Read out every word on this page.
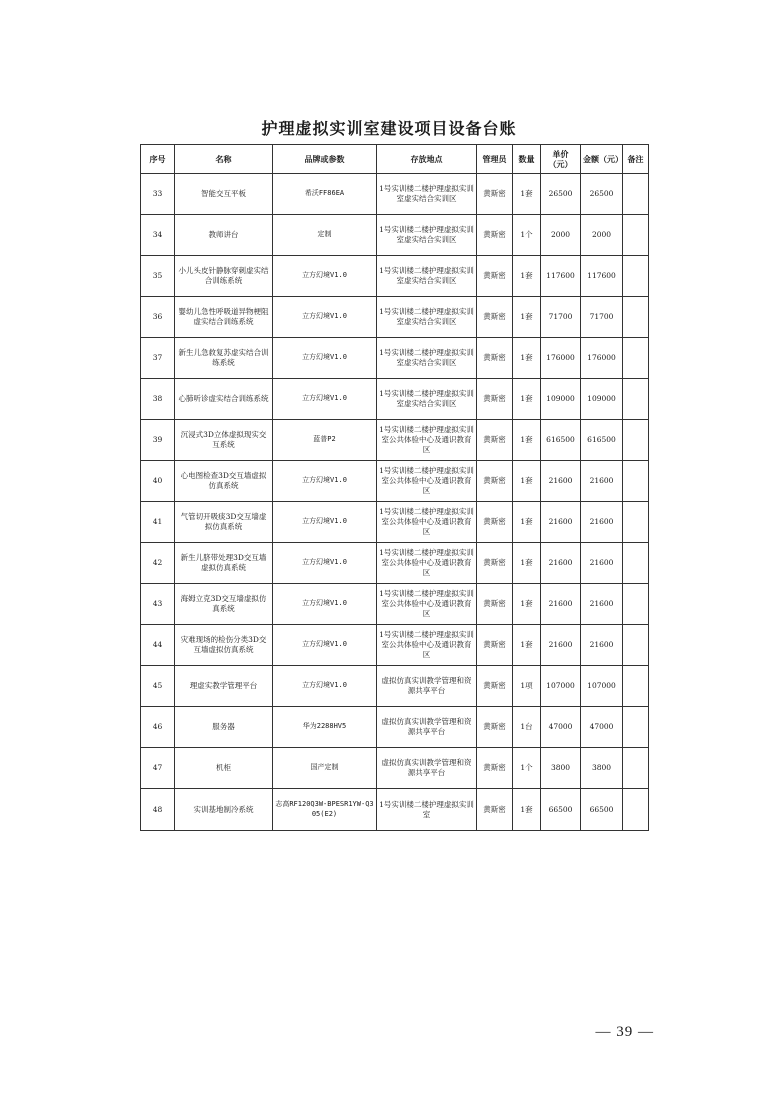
护理虚拟实训室建设项目设备台账
序号	名称	品牌或参数	存放地点	管理员	数量	单价（元）	金额（元）	备注
33	智能交互平板	希沃FF86EA	1号实训楼二楼护理虚拟实训室虚实结合实训区	黄斯密	1套	26500	26500	
34	教师讲台	定制	1号实训楼二楼护理虚拟实训室虚实结合实训区	黄斯密	1个	2000	2000	
35	小儿头皮针静脉穿刺虚实结合训练系统	立方幻境V1.0	1号实训楼二楼护理虚拟实训室虚实结合实训区	黄斯密	1套	117600	117600	
36	婴幼儿急性呼吸道异物梗阻虚实结合训练系统	立方幻境V1.0	1号实训楼二楼护理虚拟实训室虚实结合实训区	黄斯密	1套	71700	71700	
37	新生儿急救复苏虚实结合训练系统	立方幻境V1.0	1号实训楼二楼护理虚拟实训室虚实结合实训区	黄斯密	1套	176000	176000	
38	心肺听诊虚实结合训练系统	立方幻境V1.0	1号实训楼二楼护理虚拟实训室虚实结合实训区	黄斯密	1套	109000	109000	
39	沉浸式3D立体虚拟现实交互系统	蓝普P2	1号实训楼二楼护理虚拟实训室公共体验中心及通识教育区	黄斯密	1套	616500	616500	
40	心电图检查3D交互墙虚拟仿真系统	立方幻境V1.0	1号实训楼二楼护理虚拟实训室公共体验中心及通识教育区	黄斯密	1套	21600	21600	
41	气管切开吸痰3D交互墙虚拟仿真系统	立方幻境V1.0	1号实训楼二楼护理虚拟实训室公共体验中心及通识教育区	黄斯密	1套	21600	21600	
42	新生儿脐带处理3D交互墙虚拟仿真系统	立方幻境V1.0	1号实训楼二楼护理虚拟实训室公共体验中心及通识教育区	黄斯密	1套	21600	21600	
43	海姆立克3D交互墙虚拟仿真系统	立方幻境V1.0	1号实训楼二楼护理虚拟实训室公共体验中心及通识教育区	黄斯密	1套	21600	21600	
44	灾难现场的检伤分类3D交互墙虚拟仿真系统	立方幻境V1.0	1号实训楼二楼护理虚拟实训室公共体验中心及通识教育区	黄斯密	1套	21600	21600	
45	理虚实教学管理平台	立方幻境V1.0	虚拟仿真实训教学管理和资源共享平台	黄斯密	1项	107000	107000	
46	服务器	华为2288HV5	虚拟仿真实训教学管理和资源共享平台	黄斯密	1台	47000	47000	
47	机柜	国产定制	虚拟仿真实训教学管理和资源共享平台	黄斯密	1个	3800	3800	
48	实训基地制冷系统	志高RF120Q3W-BPESR1YW-Q305(E2)	1号实训楼二楼护理虚拟实训室	黄斯密	1套	66500	66500	
— 39 —
